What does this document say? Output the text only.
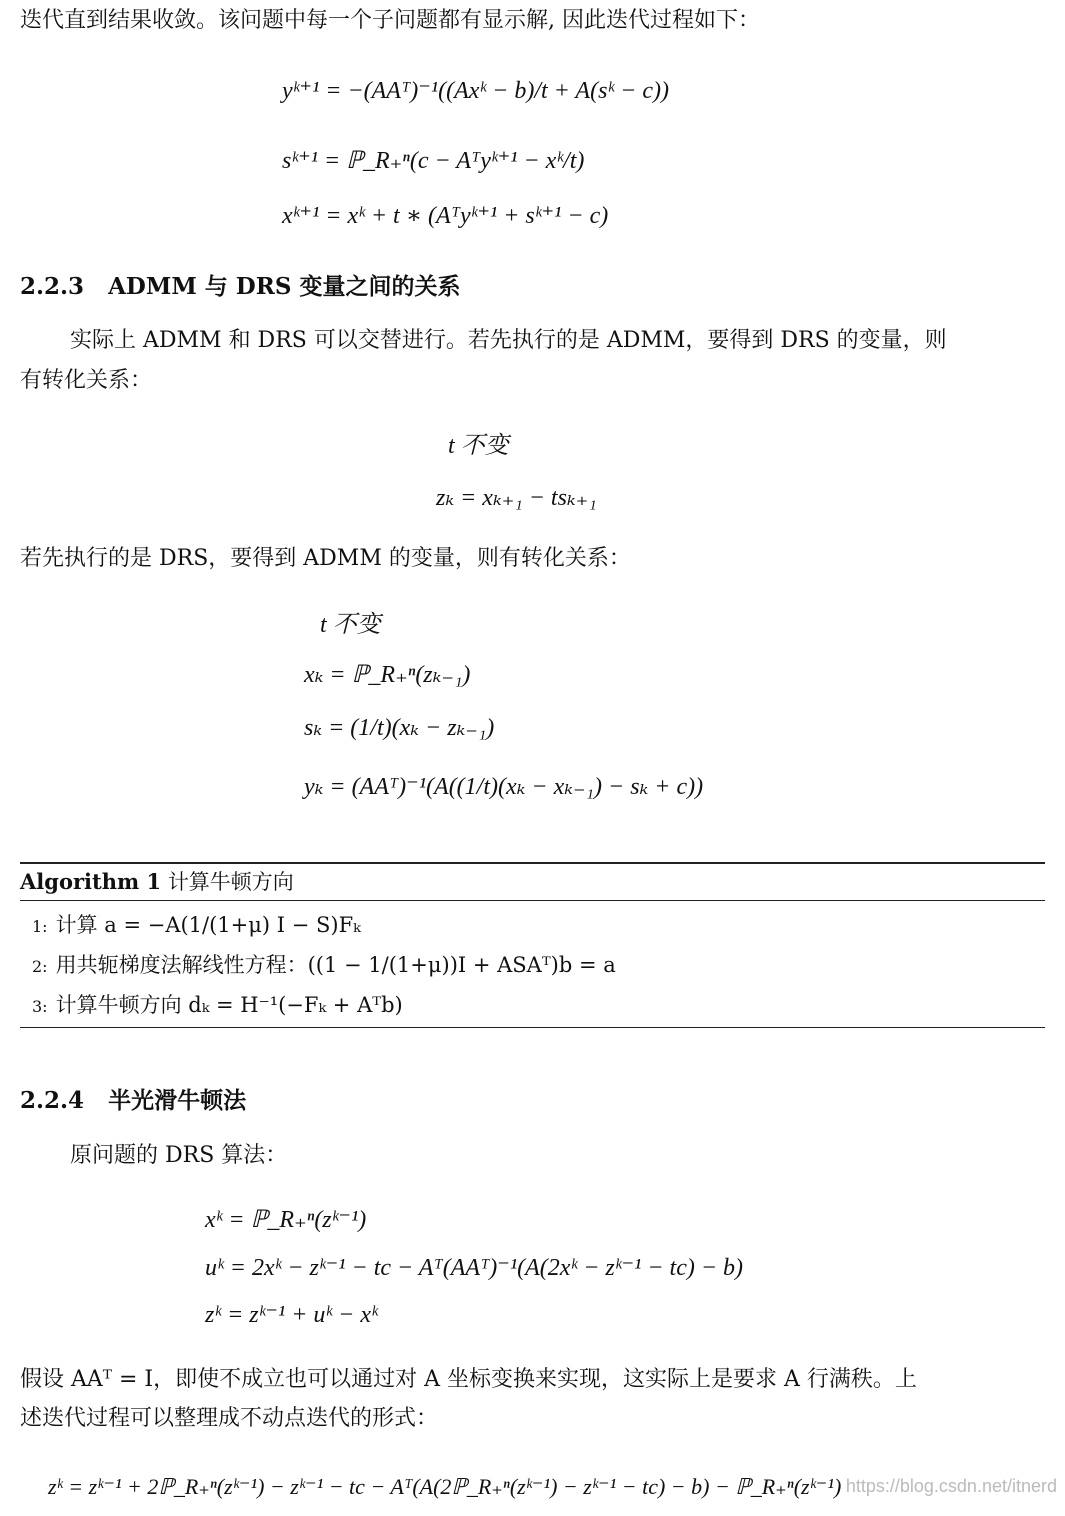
迭代直到结果收敛。该问题中每一个子问题都有显示解, 因此迭代过程如下：
yᵏ⁺¹ = −(AAᵀ)⁻¹((Axᵏ − b)/t + A(sᵏ − c))
sᵏ⁺¹ = ℙ_R₊ⁿ(c − Aᵀyᵏ⁺¹ − xᵏ/t)
xᵏ⁺¹ = xᵏ + t ∗ (Aᵀyᵏ⁺¹ + sᵏ⁺¹ − c)
2.2.3 ADMM 与 DRS 变量之间的关系
实际上 ADMM 和 DRS 可以交替进行。若先执行的是 ADMM，要得到 DRS 的变量，则
有转化关系：
t 不变
zₖ = xₖ₊₁ − tsₖ₊₁
若先执行的是 DRS，要得到 ADMM 的变量，则有转化关系：
t 不变
xₖ = ℙ_R₊ⁿ(zₖ₋₁)
sₖ = (1/t)(xₖ − zₖ₋₁)
yₖ = (AAᵀ)⁻¹(A((1/t)(xₖ − xₖ₋₁) − sₖ + c))
Algorithm 1 计算牛顿方向
1: 计算 a = −A(1/(1+μ) I − S)Fₖ
2: 用共轭梯度法解线性方程：((1 − 1/(1+μ))I + ASAᵀ)b = a
3: 计算牛顿方向 dₖ = H⁻¹(−Fₖ + Aᵀb)
2.2.4 半光滑牛顿法
原问题的 DRS 算法：
xᵏ = ℙ_R₊ⁿ(zᵏ⁻¹)
uᵏ = 2xᵏ − zᵏ⁻¹ − tc − Aᵀ(AAᵀ)⁻¹(A(2xᵏ − zᵏ⁻¹ − tc) − b)
zᵏ = zᵏ⁻¹ + uᵏ − xᵏ
假设 AAᵀ = I，即使不成立也可以通过对 A 坐标变换来实现，这实际上是要求 A 行满秩。上
述迭代过程可以整理成不动点迭代的形式：
zᵏ = zᵏ⁻¹ + 2ℙ_R₊ⁿ(zᵏ⁻¹) − zᵏ⁻¹ − tc − Aᵀ(A(2ℙ_R₊ⁿ(zᵏ⁻¹) − zᵏ⁻¹ − tc) − b) − ℙ_R₊ⁿ(zᵏ⁻¹) https://blog.csdn.net/itnerd
